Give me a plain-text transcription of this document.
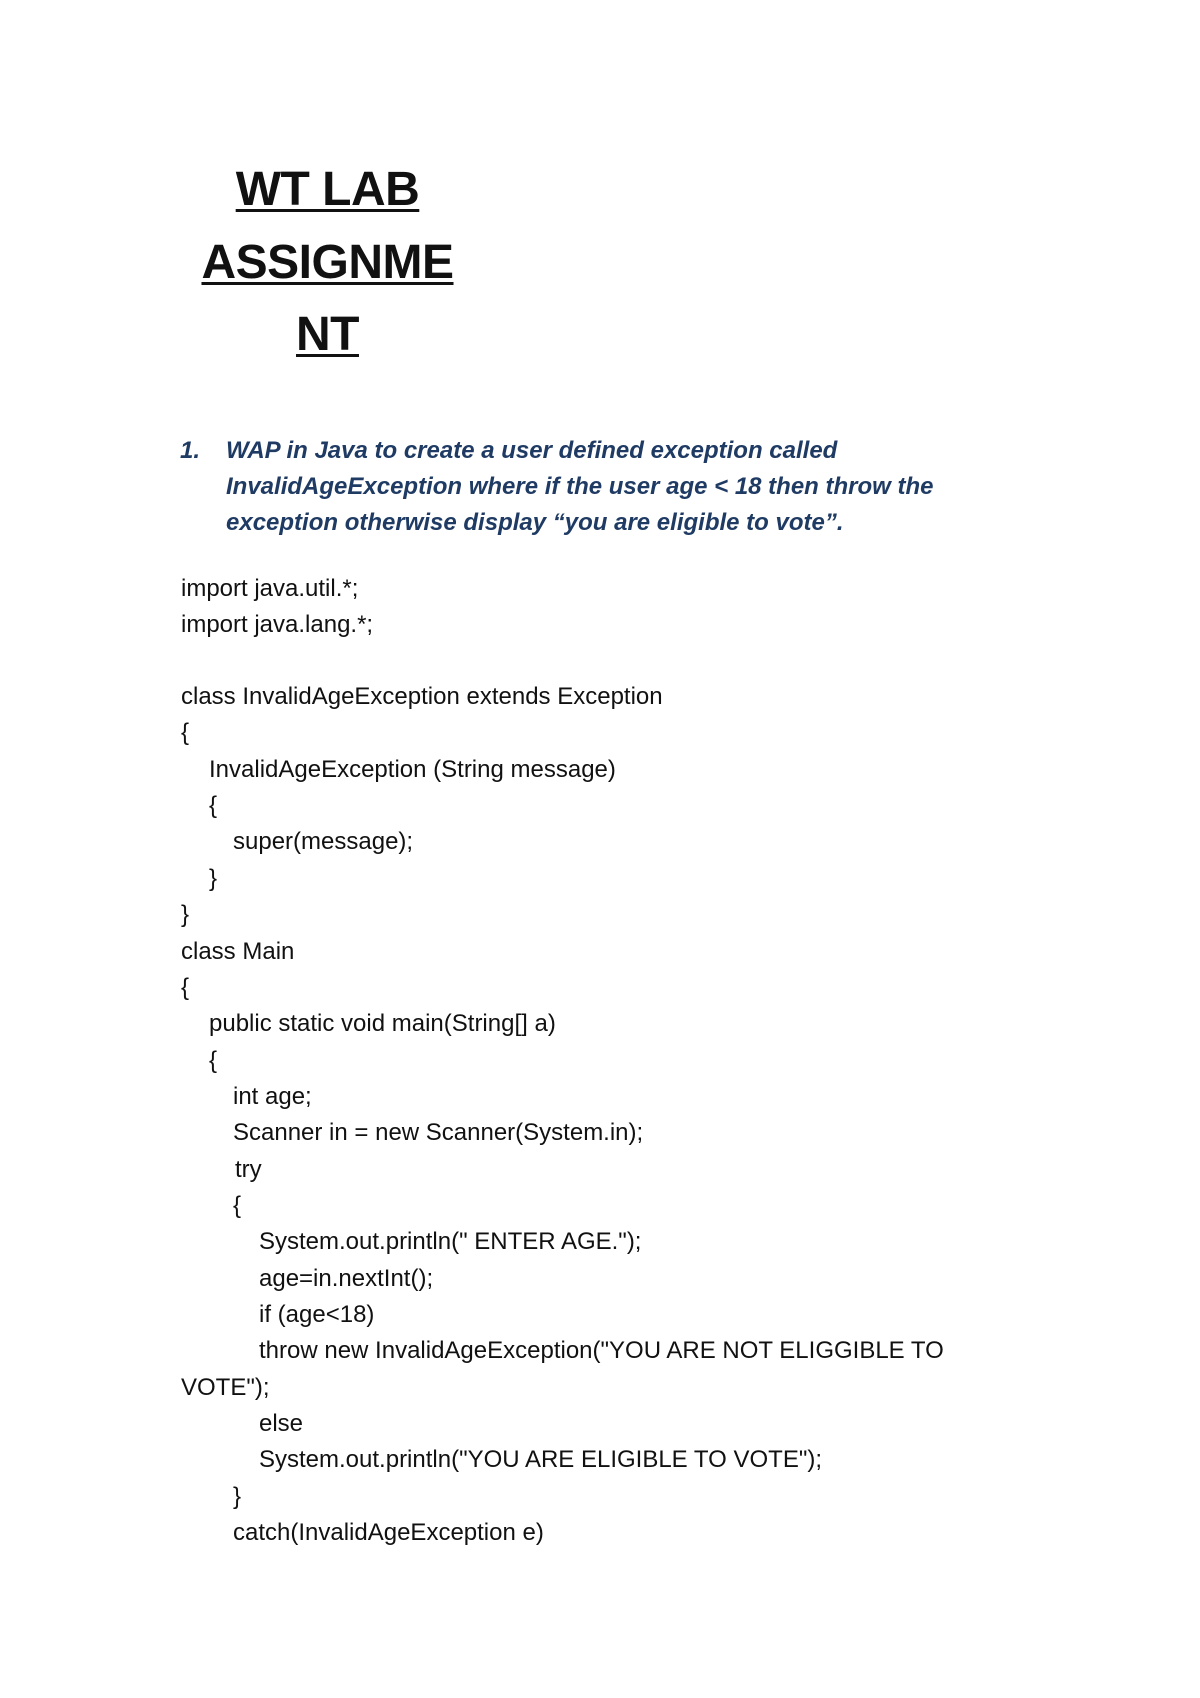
WT LAB
ASSIGNME
NT
1. WAP in Java to create a user defined exception called
InvalidAgeException where if the user age < 18 then throw the
exception otherwise display “you are eligible to vote”.
import java.util.*;
import java.lang.*;
class InvalidAgeException extends Exception
{
InvalidAgeException (String message)
{
super(message);
}
}
class Main
{
public static void main(String[] a)
{
int age;
Scanner in = new Scanner(System.in);
try
{
System.out.println(" ENTER AGE.");
age=in.nextInt();
if (age<18)
throw new InvalidAgeException("YOU ARE NOT ELIGGIBLE TO
VOTE");
else
System.out.println("YOU ARE ELIGIBLE TO VOTE");
}
catch(InvalidAgeException e)
